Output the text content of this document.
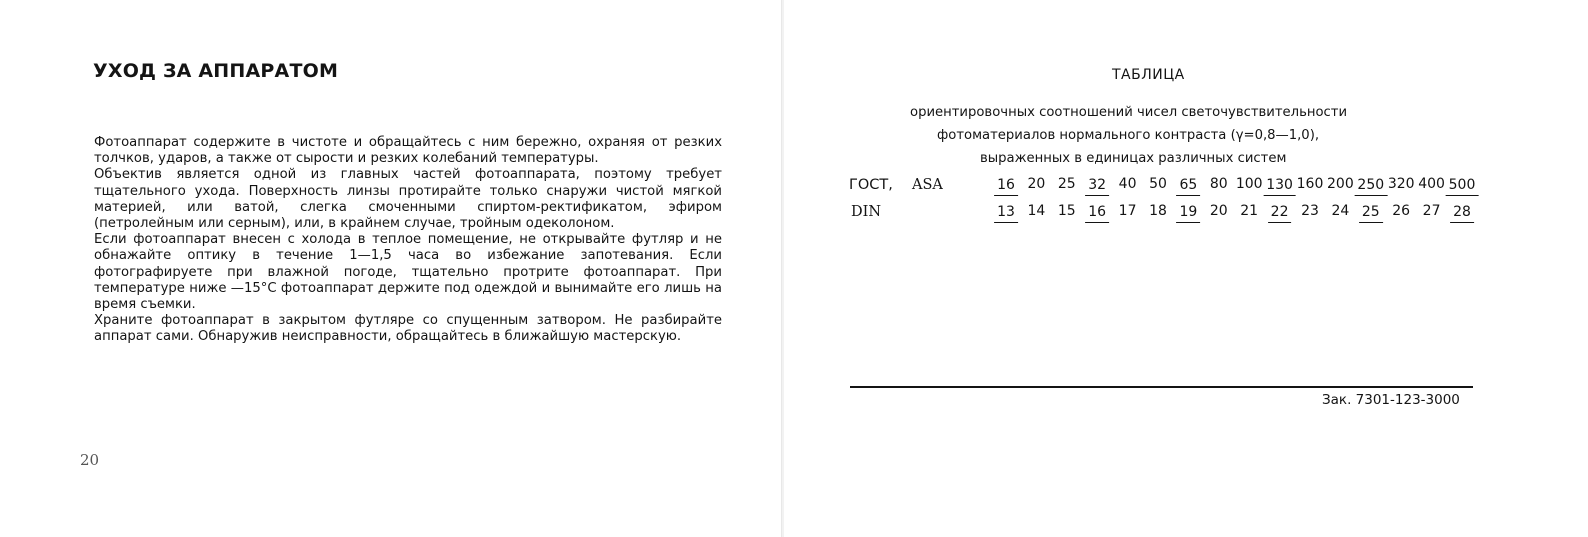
УХОД ЗА АППАРАТОМ

Фотоаппарат содержите в чистоте и обращайтесь с ним бережно, охраняя от резких толчков, ударов, а также от сырости и резких колебаний температуры.

Объектив является одной из главных частей фотоаппарата, поэтому требует тщательного ухода. Поверхность линзы протирайте только снаружи чистой мягкой материей, или ватой, слегка смоченными спиртом-ректификатом, эфиром (петролейным или серным), или, в крайнем случае, тройным одеколоном.

Если фотоаппарат внесен с холода в теплое помещение, не открывайте футляр и не обнажайте оптику в течение 1—1,5 часа во избежание запотевания. Если фотографируете при влажной погоде, тщательно протрите фотоаппарат. При температуре ниже —15°C фотоаппарат держите под одеждой и вынимайте его лишь на время съемки.

Храните фотоаппарат в закрытом футляре со спущенным затвором. Не разбирайте аппарат сами. Обнаружив неисправности, обращайтесь в ближайшую мастерскую.

20
ТАБЛИЦА
ориентировочных соотношений чисел светочувствительности
фотоматериалов нормального контраста (γ=0,8—1,0),
выраженных в единицах различных систем
ГОСТ, ASA
DIN
16 20 25 32 40 50 65 80 100 130 160 200 250 320 400 500
13 14 15 16 17 18 19 20 21 22 23 24 25 26 27 28
Зак. 7301-123-3000
